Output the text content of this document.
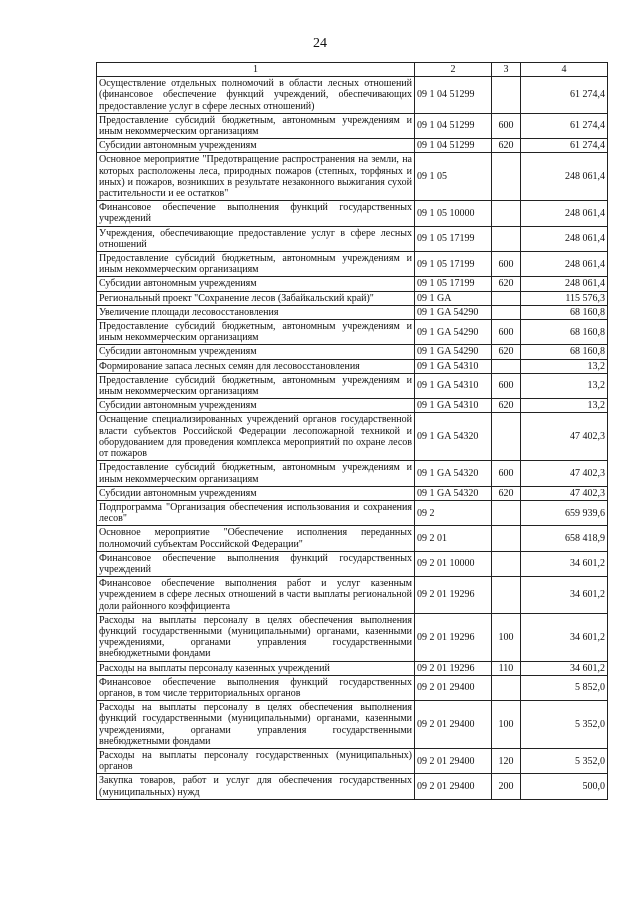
24
1	2	3	4
Осуществление отдельных полномочий в области лесных отношений (финансовое обеспечение функций учреждений, обеспечивающих предоставление услуг в сфере лесных отношений)	09 1 04 51299		61 274,4
Предоставление субсидий бюджетным, автономным учреждениям и иным некоммерческим организациям	09 1 04 51299	600	61 274,4
Субсидии автономным учреждениям	09 1 04 51299	620	61 274,4
Основное мероприятие "Предотвращение распространения на земли, на которых расположены леса, природных пожаров (степных, торфяных и иных) и пожаров, возникших в результате незаконного выжигания сухой растительности и ее остатков"	09 1 05		248 061,4
Финансовое обеспечение выполнения функций государственных учреждений	09 1 05 10000		248 061,4
Учреждения, обеспечивающие предоставление услуг в сфере лесных отношений	09 1 05 17199		248 061,4
Предоставление субсидий бюджетным, автономным учреждениям и иным некоммерческим организациям	09 1 05 17199	600	248 061,4
Субсидии автономным учреждениям	09 1 05 17199	620	248 061,4
Региональный проект "Сохранение лесов (Забайкальский край)"	09 1 GA		115 576,3
Увеличение площади лесовосстановления	09 1 GA 54290		68 160,8
Предоставление субсидий бюджетным, автономным учреждениям и иным некоммерческим организациям	09 1 GA 54290	600	68 160,8
Субсидии автономным учреждениям	09 1 GA 54290	620	68 160,8
Формирование запаса лесных семян для лесовосстановления	09 1 GA 54310		13,2
Предоставление субсидий бюджетным, автономным учреждениям и иным некоммерческим организациям	09 1 GA 54310	600	13,2
Субсидии автономным учреждениям	09 1 GA 54310	620	13,2
Оснащение специализированных учреждений органов государственной власти субъектов Российской Федерации лесопожарной техникой и оборудованием для проведения комплекса мероприятий по охране лесов от пожаров	09 1 GA 54320		47 402,3
Предоставление субсидий бюджетным, автономным учреждениям и иным некоммерческим организациям	09 1 GA 54320	600	47 402,3
Субсидии автономным учреждениям	09 1 GA 54320	620	47 402,3
Подпрограмма "Организация обеспечения использования и сохранения лесов"	09 2		659 939,6
Основное мероприятие "Обеспечение исполнения переданных полномочий субъектам Российской Федерации"	09 2 01		658 418,9
Финансовое обеспечение выполнения функций государственных учреждений	09 2 01 10000		34 601,2
Финансовое обеспечение выполнения работ и услуг казенным учреждением в сфере лесных отношений в части выплаты региональной доли районного коэффициента	09 2 01 19296		34 601,2
Расходы на выплаты персоналу в целях обеспечения выполнения функций государственными (муниципальными) органами, казенными учреждениями, органами управления государственными внебюджетными фондами	09 2 01 19296	100	34 601,2
Расходы на выплаты персоналу казенных учреждений	09 2 01 19296	110	34 601,2
Финансовое обеспечение выполнения функций государственных органов, в том числе территориальных органов	09 2 01 29400		5 852,0
Расходы на выплаты персоналу в целях обеспечения выполнения функций государственными (муниципальными) органами, казенными учреждениями, органами управления государственными внебюджетными фондами	09 2 01 29400	100	5 352,0
Расходы на выплаты персоналу государственных (муниципальных) органов	09 2 01 29400	120	5 352,0
Закупка товаров, работ и услуг для обеспечения государственных (муниципальных) нужд	09 2 01 29400	200	500,0
